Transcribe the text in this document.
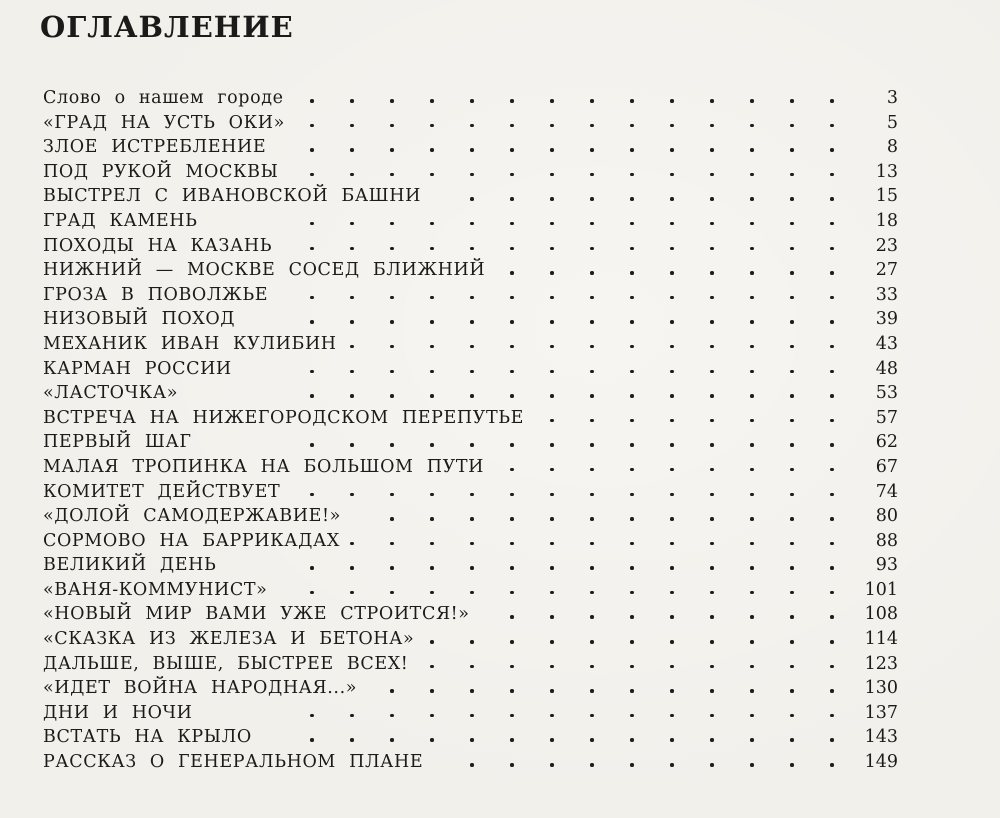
ОГЛАВЛЕНИЕ
Слово о нашем городе	3
«ГРАД НА УСТЬ ОКИ»	5
ЗЛОЕ ИСТРЕБЛЕНИЕ	8
ПОД РУКОЙ МОСКВЫ	13
ВЫСТРЕЛ С ИВАНОВСКОЙ БАШНИ	15
ГРАД КАМЕНЬ	18
ПОХОДЫ НА КАЗАНЬ	23
НИЖНИЙ — МОСКВЕ СОСЕД БЛИЖНИЙ	27
ГРОЗА В ПОВОЛЖЬЕ	33
НИЗОВЫЙ ПОХОД	39
МЕХАНИК ИВАН КУЛИБИН	43
КАРМАН РОССИИ	48
«ЛАСТОЧКА»	53
ВСТРЕЧА НА НИЖЕГОРОДСКОМ ПЕРЕПУТЬЕ	57
ПЕРВЫЙ ШАГ	62
МАЛАЯ ТРОПИНКА НА БОЛЬШОМ ПУТИ	67
КОМИТЕТ ДЕЙСТВУЕТ	74
«ДОЛОЙ САМОДЕРЖАВИЕ!»	80
СОРМОВО НА БАРРИКАДАХ	88
ВЕЛИКИЙ ДЕНЬ	93
«ВАНЯ-КОММУНИСТ»	101
«НОВЫЙ МИР ВАМИ УЖЕ СТРОИТСЯ!»	108
«СКАЗКА ИЗ ЖЕЛЕЗА И БЕТОНА»	114
ДАЛЬШЕ, ВЫШЕ, БЫСТРЕЕ ВСЕХ!	123
«ИДЕТ ВОЙНА НАРОДНАЯ...»	130
ДНИ И НОЧИ	137
ВСТАТЬ НА КРЫЛО	143
РАССКАЗ О ГЕНЕРАЛЬНОМ ПЛАНЕ	149
